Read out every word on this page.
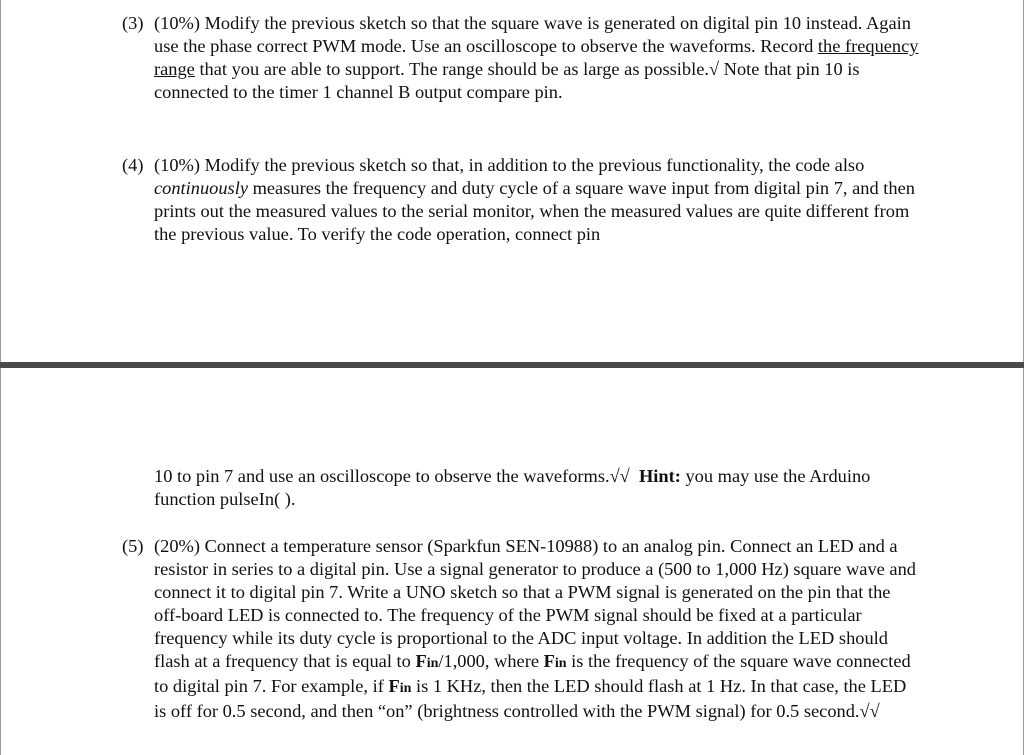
(3) (10%) Modify the previous sketch so that the square wave is generated on digital pin 10 instead. Again use the phase correct PWM mode. Use an oscilloscope to observe the waveforms. Record the frequency range that you are able to support. The range should be as large as possible.√ Note that pin 10 is connected to the timer 1 channel B output compare pin.
(4) (10%) Modify the previous sketch so that, in addition to the previous functionality, the code also continuously measures the frequency and duty cycle of a square wave input from digital pin 7, and then prints out the measured values to the serial monitor, when the measured values are quite different from the previous value. To verify the code operation, connect pin
10 to pin 7 and use an oscilloscope to observe the waveforms.√√ Hint: you may use the Arduino function pulseIn( ).
(5) (20%) Connect a temperature sensor (Sparkfun SEN-10988) to an analog pin. Connect an LED and a resistor in series to a digital pin. Use a signal generator to produce a (500 to 1,000 Hz) square wave and connect it to digital pin 7. Write a UNO sketch so that a PWM signal is generated on the pin that the off-board LED is connected to. The frequency of the PWM signal should be fixed at a particular frequency while its duty cycle is proportional to the ADC input voltage. In addition the LED should flash at a frequency that is equal to Fin/1,000, where Fin is the frequency of the square wave connected to digital pin 7. For example, if Fin is 1 KHz, then the LED should flash at 1 Hz. In that case, the LED is off for 0.5 second, and then “on” (brightness controlled with the PWM signal) for 0.5 second.√√
